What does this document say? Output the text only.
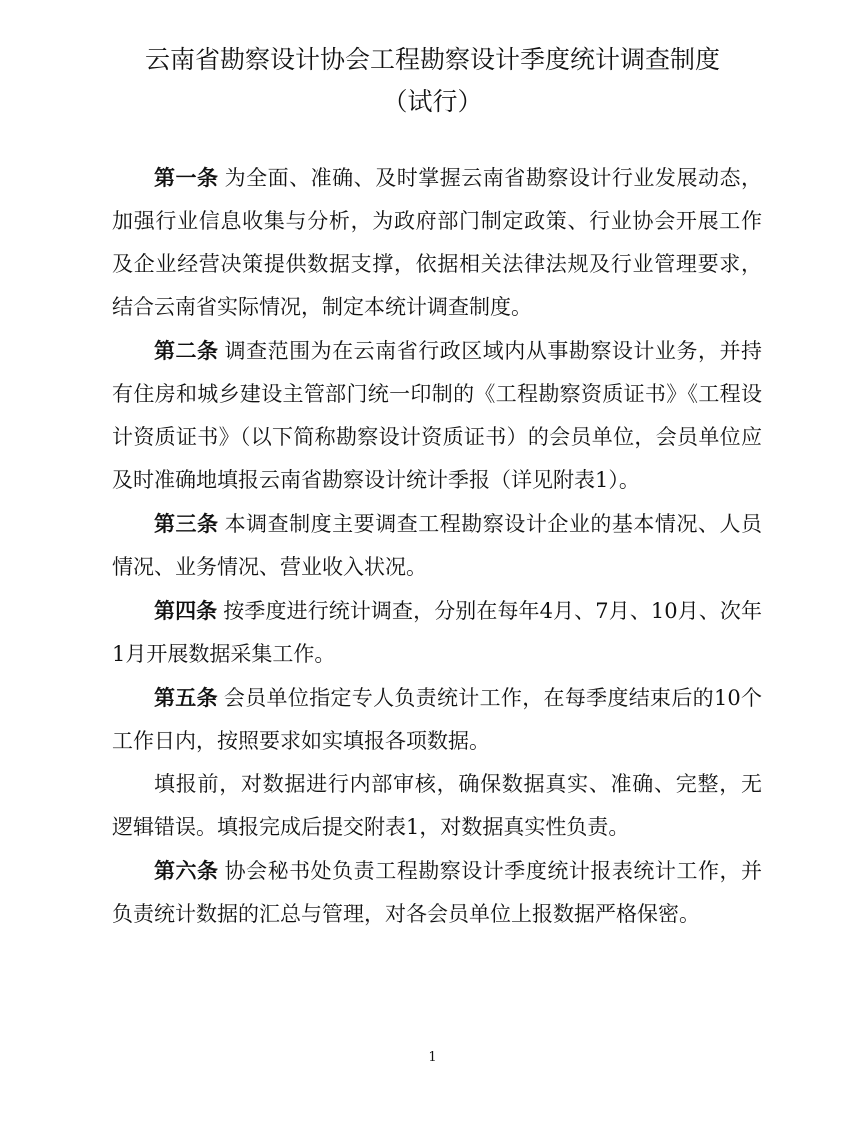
云南省勘察设计协会工程勘察设计季度统计调查制度
（试行）

第一条 为全面、准确、及时掌握云南省勘察设计行业发展动态，加强行业信息收集与分析，为政府部门制定政策、行业协会开展工作及企业经营决策提供数据支撑，依据相关法律法规及行业管理要求，结合云南省实际情况，制定本统计调查制度。

第二条 调查范围为在云南省行政区域内从事勘察设计业务，并持有住房和城乡建设主管部门统一印制的《工程勘察资质证书》《工程设计资质证书》（以下简称勘察设计资质证书）的会员单位，会员单位应及时准确地填报云南省勘察设计统计季报（详见附表1）。

第三条 本调查制度主要调查工程勘察设计企业的基本情况、人员情况、业务情况、营业收入状况。

第四条 按季度进行统计调查，分别在每年4月、7月、10月、次年1月开展数据采集工作。

第五条 会员单位指定专人负责统计工作，在每季度结束后的10个工作日内，按照要求如实填报各项数据。

填报前，对数据进行内部审核，确保数据真实、准确、完整，无逻辑错误。填报完成后提交附表1，对数据真实性负责。

第六条 协会秘书处负责工程勘察设计季度统计报表统计工作，并负责统计数据的汇总与管理，对各会员单位上报数据严格保密。

1
